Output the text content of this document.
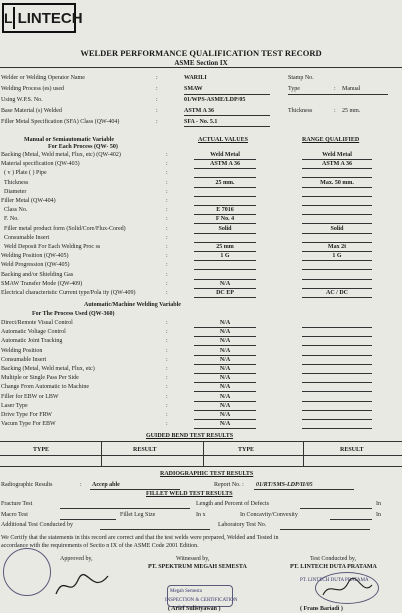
L LINTECH
WELDER PERFORMANCE QUALIFICATION TEST RECORD
ASME Section IX
Welder or Welding Operator Name	:	WARILI	Stamp No.
Welding Process (es) used	:	SMAW	Type	: Manual
Using W.P.S. No.	:	01/WPS-ASME/LDP/05
Base Material (s) Welded	:	ASTM A 36	Thickness	: 25 mm.
Filler Metal Specification (SFA) Class (QW-404)	:	SFA - No. 5.1
Manual or Semiautomatic Variable
For Each Process (QW- 50)
ACTUAL VALUES	RANGE QUALIFIED
Backing (Metal, Weld metal, Flux, etc) (QW-402)	:	Weld Metal	Weld Metal
Material specification (QW-403)	:	ASTM A 36	ASTM A 36
( v ) Plate ( ) Pipe	:
Thickness	:	25 mm.	Max. 50 mm.
Diameter	:
Filler Metal (QW-404)	:
Class No.	:	E 7016
F. No.	:	F No. 4
Filler metal product form (Solid/Core/Flux-Cored)	:	Solid	Solid
Consumable Insert	:
Weld Deposit For Each Welding Proc ss	:	25 mm	Max 2t
Welding Position (QW-405)	:	1 G	1 G
Weld Progression (QW-405)	:
Backing and/or Shielding Gas	:
SMAW Transfer Mode (QW-409)	:	N/A
Electrical characteristic Current type/Pola ity (QW-409)	:	DC EP	AC / DC
Automatic/Machine Welding Variable
For The Process Used (QW-360)
Direct/Remote Visual Control	:	N/A
Automatic Voltage Control	:	N/A
Automatic Joint Tracking	:	N/A
Welding Position	:	N/A
Consumable Insert	:	N/A
Backing (Metal, Weld metal, Flux, etc)	:	N/A
Multiple or Single Pass Per Side	:	N/A
Change From Automatic to Machine	:	N/A
Filler for EBW or LBW	:	N/A
Laser Type	:	N/A
Drive Type For FRW	:	N/A
Vacum Type For EBW	:	N/A
GUIDED BEND TEST RESULTS
TYPE	RESULT	TYPE	RESULT
RADIOGRAPHIC TEST RESULTS
Radiographic Results	: Accep able	Report No. : 01/RT/SMS-LDP/II/05
FILLET WELD TEST RESULTS
Fracture Test	Length and Percent of Defects	In
Macro Test	Fillet Leg Size	In x	In Concavity/Convexity	In
Additional Test Conducted by	Laboratory Test No.
We Certify that the statements in this record are correct and that the test welds were prepared, Welded and Tested in
accordance with the requirements of Sectio n IX of the ASME Code 2001 Edition.
Approved by,	Witnessed by,
PT. SPEKTRUM MEGAH SEMESTA
Test Conducted by,
PT. LINTECH DUTA PRATAMA
Megah Semesta
INSPECTION & CERTIFICATION
PT. LINTECH DUTA PRATAMA
( Arief Sulistyawan )	( Frans Bariadi )
